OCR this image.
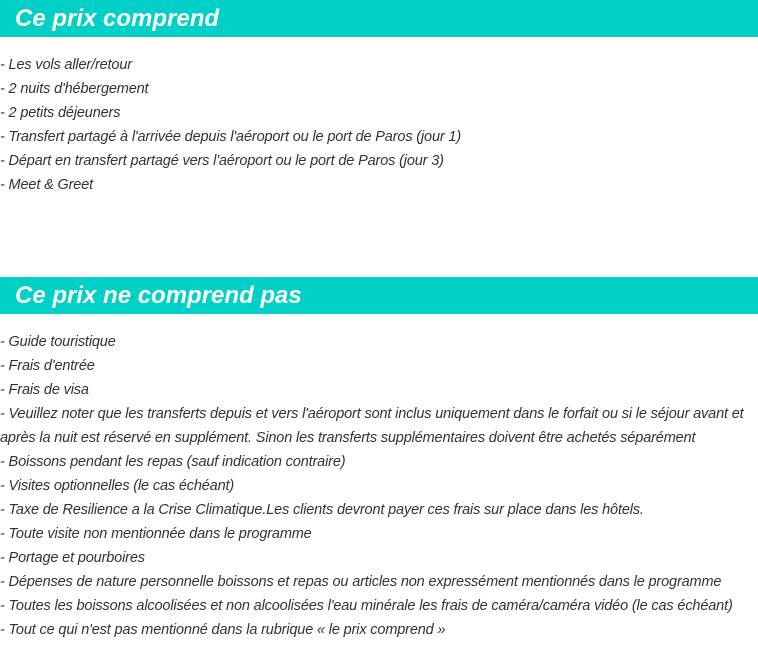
Ce prix comprend
- Les vols aller/retour
- 2 nuits d'hébergement
- 2 petits déjeuners
- Transfert partagé à l'arrivée depuis l'aéroport ou le port de Paros (jour 1)
- Départ en transfert partagé vers l'aéroport ou le port de Paros (jour 3)
- Meet & Greet
Ce prix ne comprend pas
- Guide touristique
- Frais d'entrée
- Frais de visa
- Veuillez noter que les transferts depuis et vers l'aéroport sont inclus uniquement dans le forfait ou si le séjour avant et après la nuit est réservé en supplément. Sinon les transferts supplémentaires doivent être achetés séparément
- Boissons pendant les repas (sauf indication contraire)
- Visites optionnelles (le cas échéant)
- Taxe de Resilience a la Crise Climatique.Les clients devront payer ces frais sur place dans les hôtels.
- Toute visite non mentionnée dans le programme
- Portage et pourboires
- Dépenses de nature personnelle boissons et repas ou articles non expressément mentionnés dans le programme
- Toutes les boissons alcoolisées et non alcoolisées l'eau minérale les frais de caméra/caméra vidéo (le cas échéant)
- Tout ce qui n'est pas mentionné dans la rubrique « le prix comprend »
